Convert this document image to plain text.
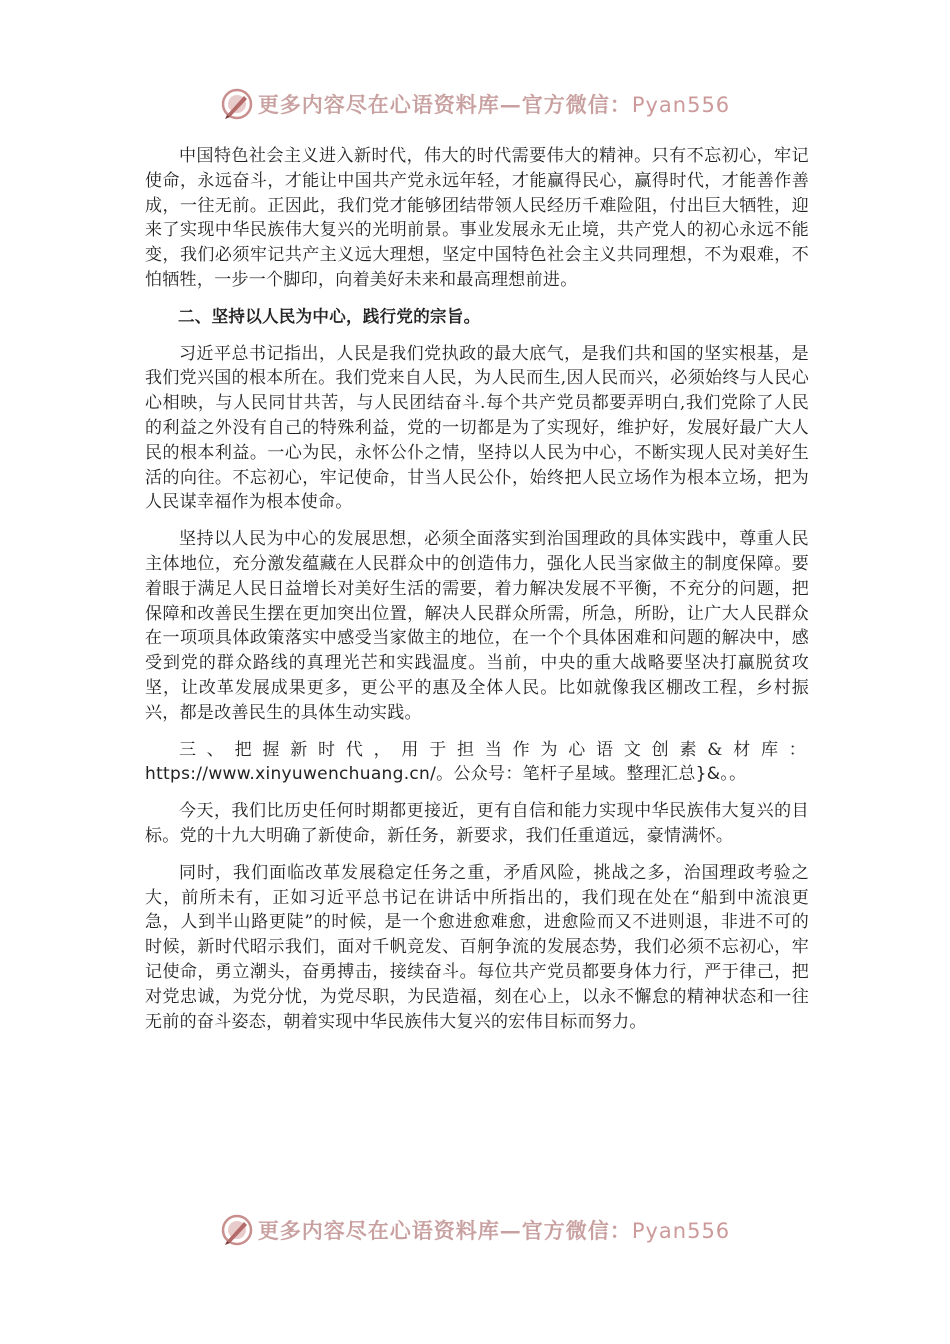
更多内容尽在心语资料库—官方微信：Pyan556

中国特色社会主义进入新时代，伟大的时代需要伟大的精神。只有不忘初心，牢记使命，永远奋斗，才能让中国共产党永远年轻，才能赢得民心，赢得时代，才能善作善成，一往无前。正因此，我们党才能够团结带领人民经历千难险阻，付出巨大牺牲，迎来了实现中华民族伟大复兴的光明前景。事业发展永无止境，共产党人的初心永远不能变，我们必须牢记共产主义远大理想，坚定中国特色社会主义共同理想，不为艰难，不怕牺牲，一步一个脚印，向着美好未来和最高理想前进。

二、坚持以人民为中心，践行党的宗旨。

习近平总书记指出，人民是我们党执政的最大底气，是我们共和国的坚实根基，是我们党兴国的根本所在。我们党来自人民，为人民而生,因人民而兴，必须始终与人民心心相映，与人民同甘共苦，与人民团结奋斗.每个共产党员都要弄明白,我们党除了人民的利益之外没有自己的特殊利益，党的一切都是为了实现好，维护好，发展好最广大人民的根本利益。一心为民，永怀公仆之情，坚持以人民为中心，不断实现人民对美好生活的向往。不忘初心，牢记使命，甘当人民公仆，始终把人民立场作为根本立场，把为人民谋幸福作为根本使命。

坚持以人民为中心的发展思想，必须全面落实到治国理政的具体实践中，尊重人民主体地位，充分激发蕴藏在人民群众中的创造伟力，强化人民当家做主的制度保障。要着眼于满足人民日益增长对美好生活的需要，着力解决发展不平衡，不充分的问题，把保障和改善民生摆在更加突出位置，解决人民群众所需，所急，所盼，让广大人民群众在一项项具体政策落实中感受当家做主的地位，在一个个具体困难和问题的解决中，感受到党的群众路线的真理光芒和实践温度。当前，中央的重大战略要坚决打赢脱贫攻坚，让改革发展成果更多，更公平的惠及全体人民。比如就像我区棚改工程，乡村振兴，都是改善民生的具体生动实践。

三、把握新时代，用于担当作为心语文创素&材库：https://www.xinyuwenchuang.cn/。公众号：笔杆子星域。整理汇总}&。。

今天，我们比历史任何时期都更接近，更有自信和能力实现中华民族伟大复兴的目标。党的十九大明确了新使命，新任务，新要求，我们任重道远，豪情满怀。

同时，我们面临改革发展稳定任务之重，矛盾风险，挑战之多，治国理政考验之大，前所未有，正如习近平总书记在讲话中所指出的，我们现在处在“船到中流浪更急，人到半山路更陡”的时候，是一个愈进愈难愈，进愈险而又不进则退，非进不可的时候，新时代昭示我们，面对千帆竞发、百舸争流的发展态势，我们必须不忘初心，牢记使命，勇立潮头，奋勇搏击，接续奋斗。每位共产党员都要身体力行，严于律己，把对党忠诚，为党分忧，为党尽职，为民造福，刻在心上，以永不懈怠的精神状态和一往无前的奋斗姿态，朝着实现中华民族伟大复兴的宏伟目标而努力。

更多内容尽在心语资料库—官方微信：Pyan556
